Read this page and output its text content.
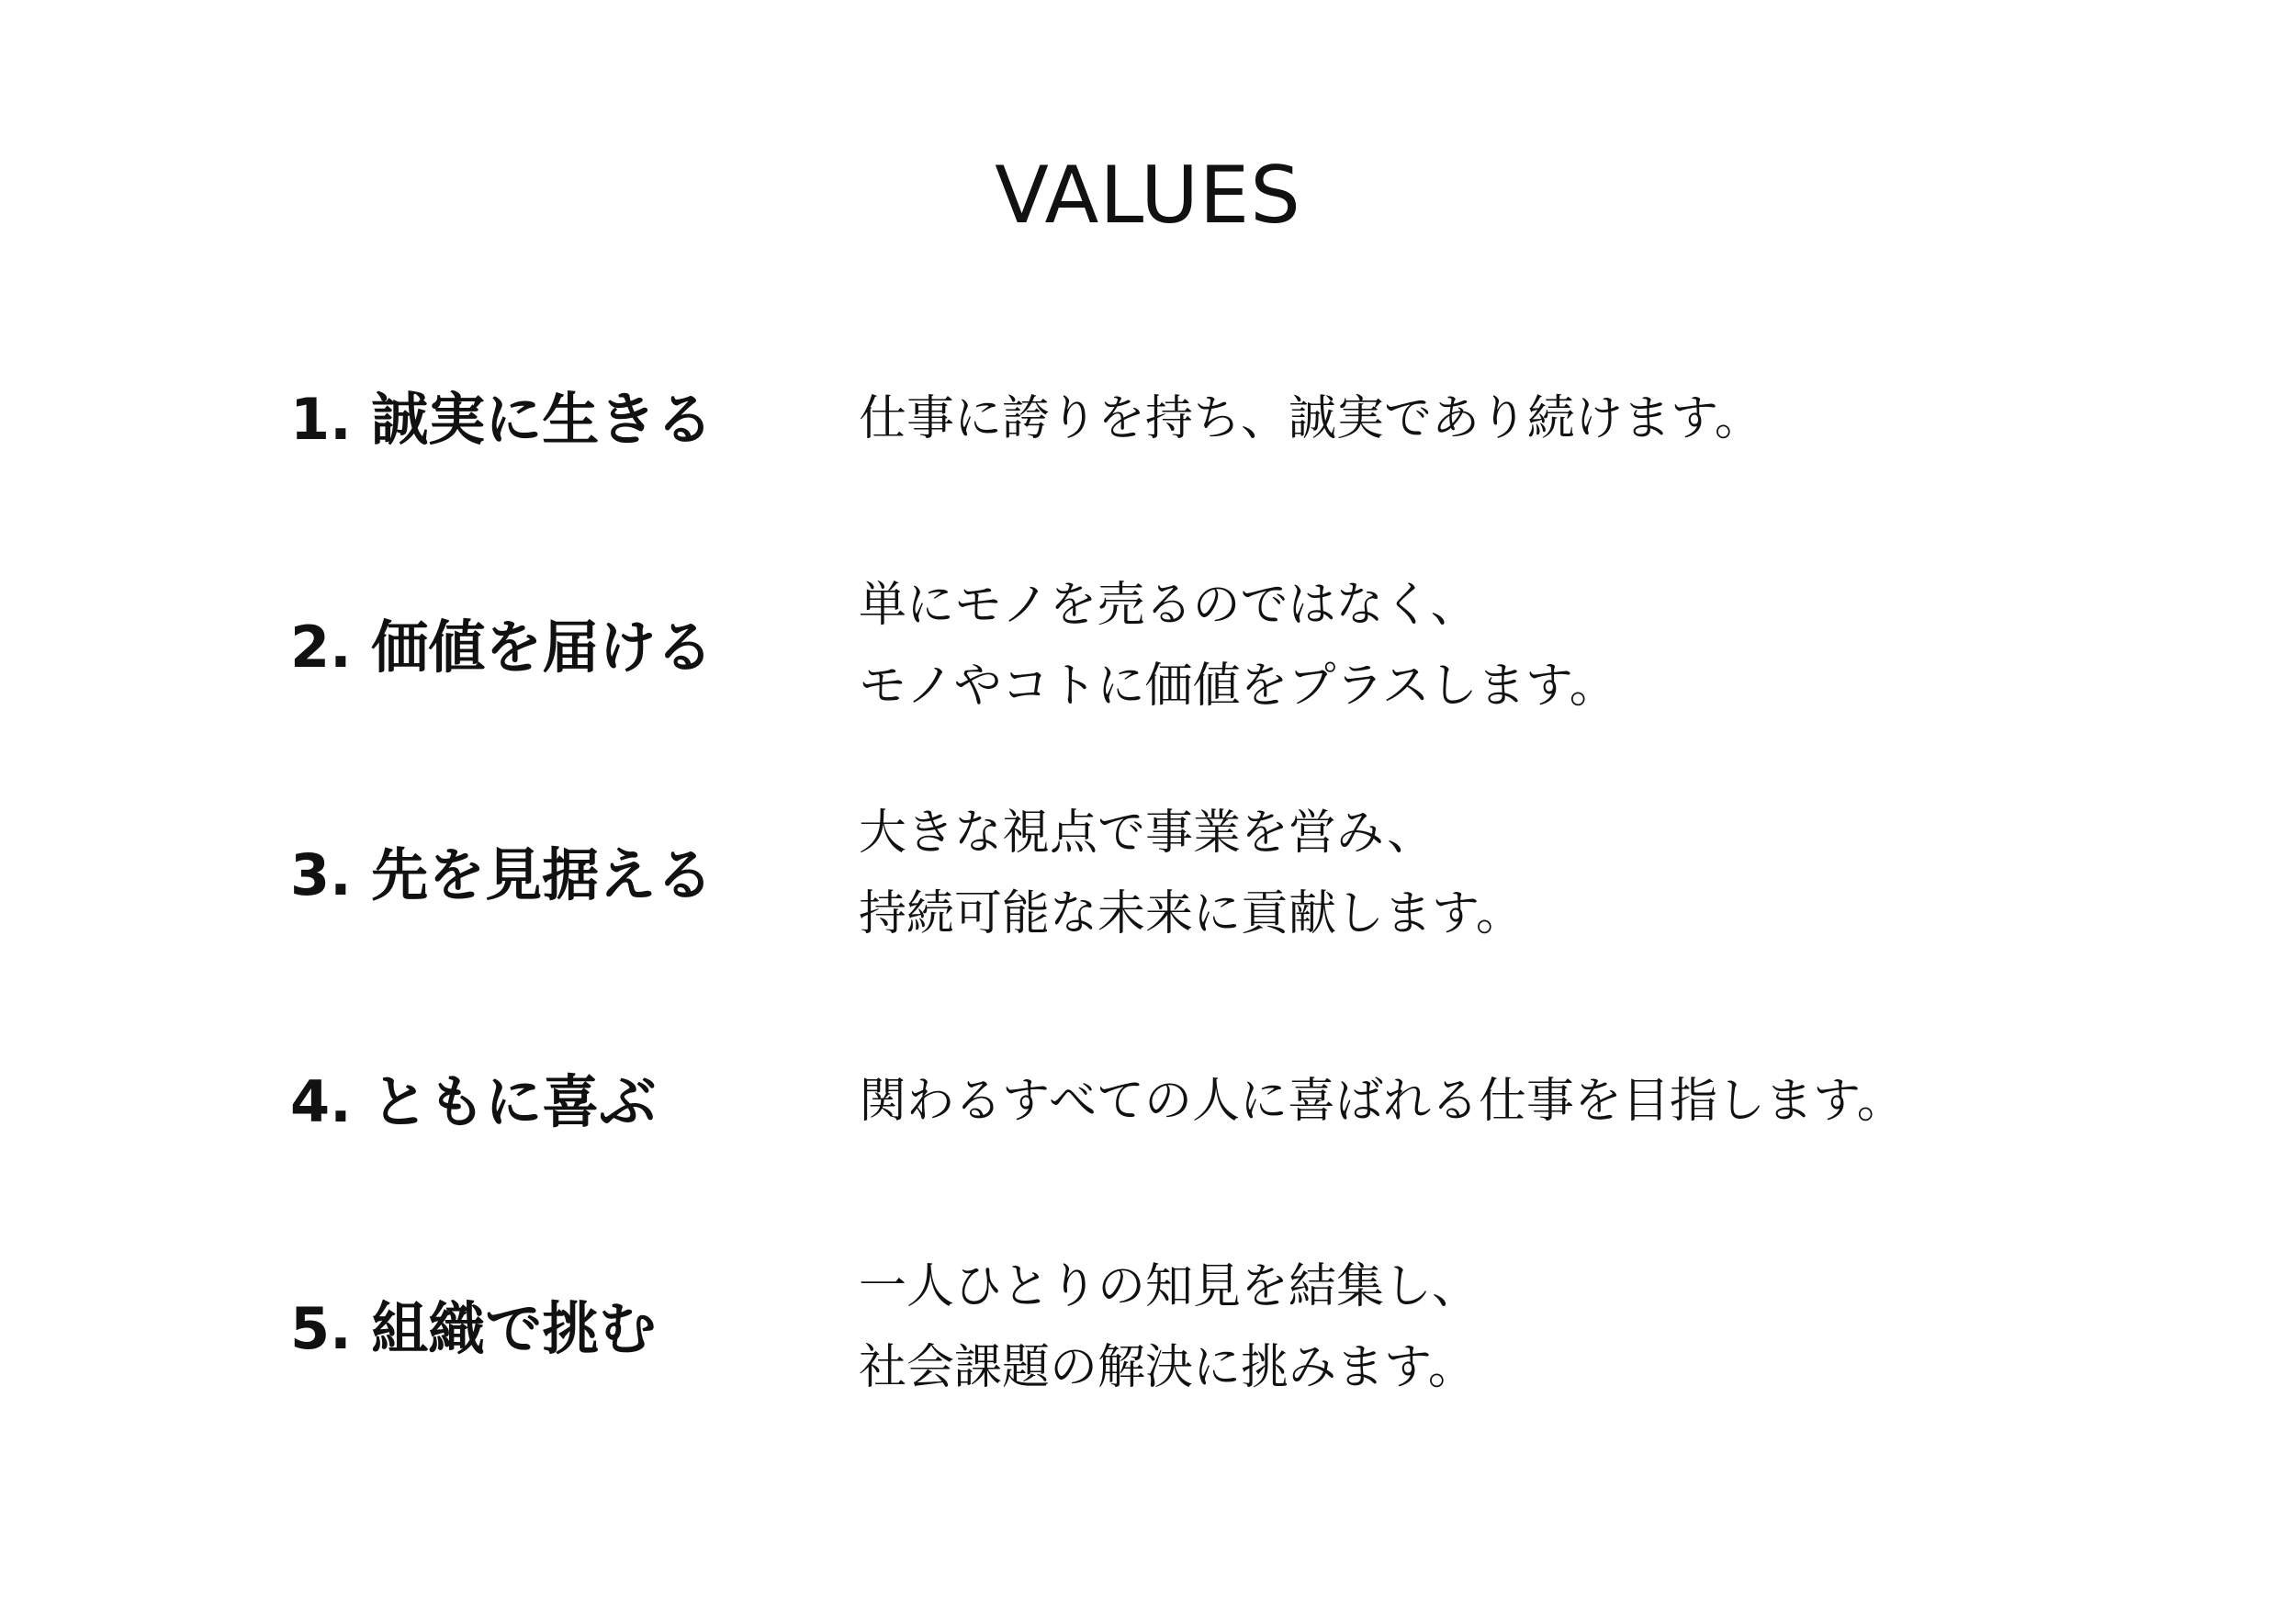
VALUES
1. 誠実に生きる	仕事に誇りを持ち、誠実であり続けます。

2. 価値を届ける

単にモノを売るのではなく、
モノやコトに価値をプラスします。

3. 先を見据える

大きな視点で事業を営み、
持続可能な未来に貢献します。

4. ともに喜ぶ	関わるすべての人に喜ばれる仕事を目指します。

5. 組織で挑む

一人ひとりの知見を結集し、
社会課題の解決に挑みます。
